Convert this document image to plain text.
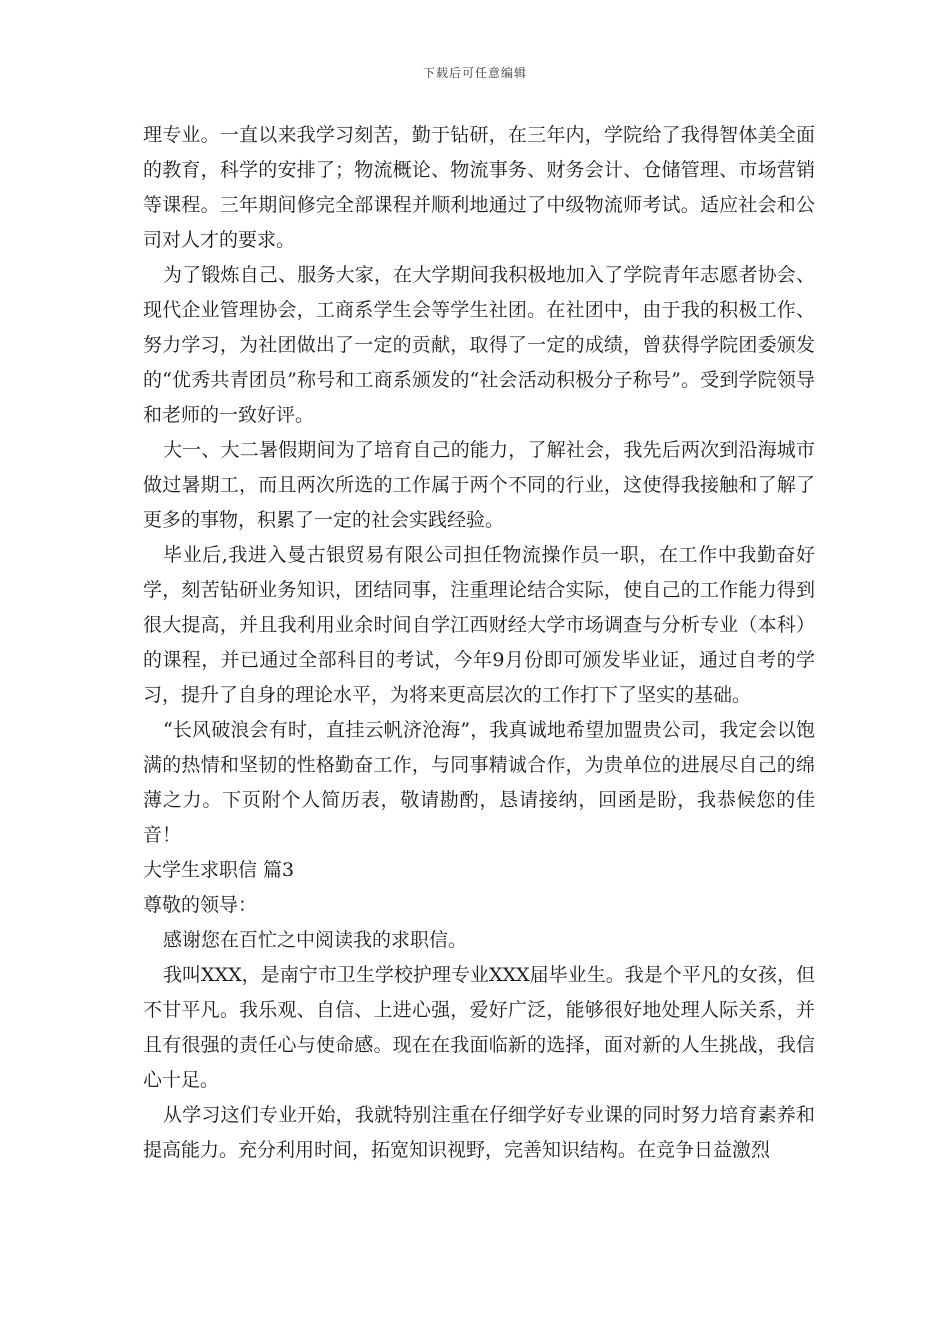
下载后可任意编辑

理专业。一直以来我学习刻苦，勤于钻研，在三年内，学院给了我得智体美全面的教育，科学的安排了；物流概论、物流事务、财务会计、仓储管理、市场营销等课程。三年期间修完全部课程并顺利地通过了中级物流师考试。适应社会和公司对人才的要求。

为了锻炼自己、服务大家，在大学期间我积极地加入了学院青年志愿者协会、现代企业管理协会，工商系学生会等学生社团。在社团中，由于我的积极工作、努力学习，为社团做出了一定的贡献，取得了一定的成绩，曾获得学院团委颁发的“优秀共青团员”称号和工商系颁发的“社会活动积极分子称号”。受到学院领导和老师的一致好评。

大一、大二暑假期间为了培育自己的能力，了解社会，我先后两次到沿海城市做过暑期工，而且两次所选的工作属于两个不同的行业，这使得我接触和了解了更多的事物，积累了一定的社会实践经验。

毕业后,我进入曼古银贸易有限公司担任物流操作员一职，在工作中我勤奋好学，刻苦钻研业务知识，团结同事，注重理论结合实际，使自己的工作能力得到很大提高，并且我利用业余时间自学江西财经大学市场调查与分析专业（本科）的课程，并已通过全部科目的考试，今年9月份即可颁发毕业证，通过自考的学习，提升了自身的理论水平，为将来更高层次的工作打下了坚实的基础。

“长风破浪会有时，直挂云帆济沧海”，我真诚地希望加盟贵公司，我定会以饱满的热情和坚韧的性格勤奋工作，与同事精诚合作，为贵单位的进展尽自己的绵薄之力。下页附个人简历表，敬请勘酌，恳请接纳，回函是盼，我恭候您的佳音！

大学生求职信 篇3

尊敬的领导：

感谢您在百忙之中阅读我的求职信。

我叫XXX，是南宁市卫生学校护理专业XXX届毕业生。我是个平凡的女孩，但不甘平凡。我乐观、自信、上进心强，爱好广泛，能够很好地处理人际关系，并且有很强的责任心与使命感。现在在我面临新的选择，面对新的人生挑战，我信心十足。

从学习这们专业开始，我就特别注重在仔细学好专业课的同时努力培育素养和提高能力。充分利用时间，拓宽知识视野，完善知识结构。在竞争日益激烈
